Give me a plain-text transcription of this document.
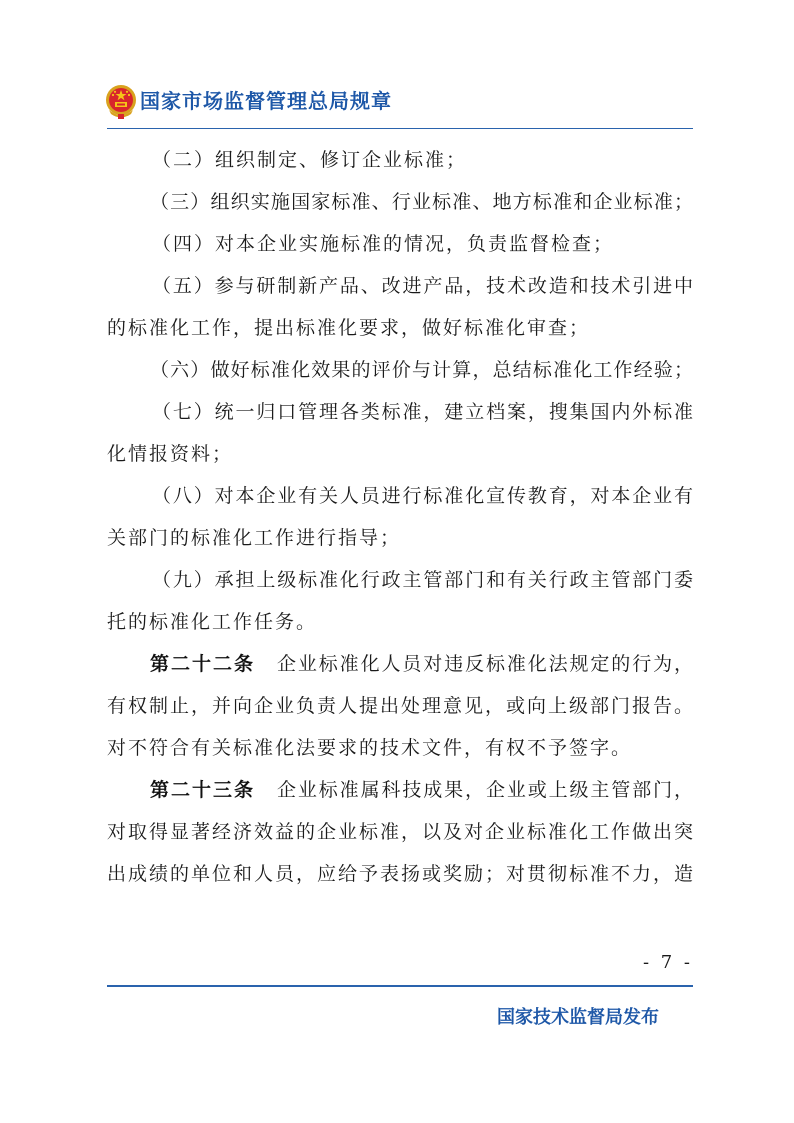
国家市场监督管理总局规章
（二）组织制定、修订企业标准；
（三）组织实施国家标准、行业标准、地方标准和企业标准；
（四）对本企业实施标准的情况，负责监督检查；
（五）参与研制新产品、改进产品，技术改造和技术引进中
的标准化工作，提出标准化要求，做好标准化审查；
（六）做好标准化效果的评价与计算，总结标准化工作经验；
（七）统一归口管理各类标准，建立档案，搜集国内外标准
化情报资料；
（八）对本企业有关人员进行标准化宣传教育，对本企业有
关部门的标准化工作进行指导；
（九）承担上级标准化行政主管部门和有关行政主管部门委
托的标准化工作任务。
第二十二条	企业标准化人员对违反标准化法规定的行为，
有权制止，并向企业负责人提出处理意见，或向上级部门报告。
对不符合有关标准化法要求的技术文件，有权不予签字。
第二十三条	企业标准属科技成果，企业或上级主管部门，
对取得显著经济效益的企业标准，以及对企业标准化工作做出突
出成绩的单位和人员，应给予表扬或奖励；对贯彻标准不力，造
- 7 -
国家技术监督局发布
